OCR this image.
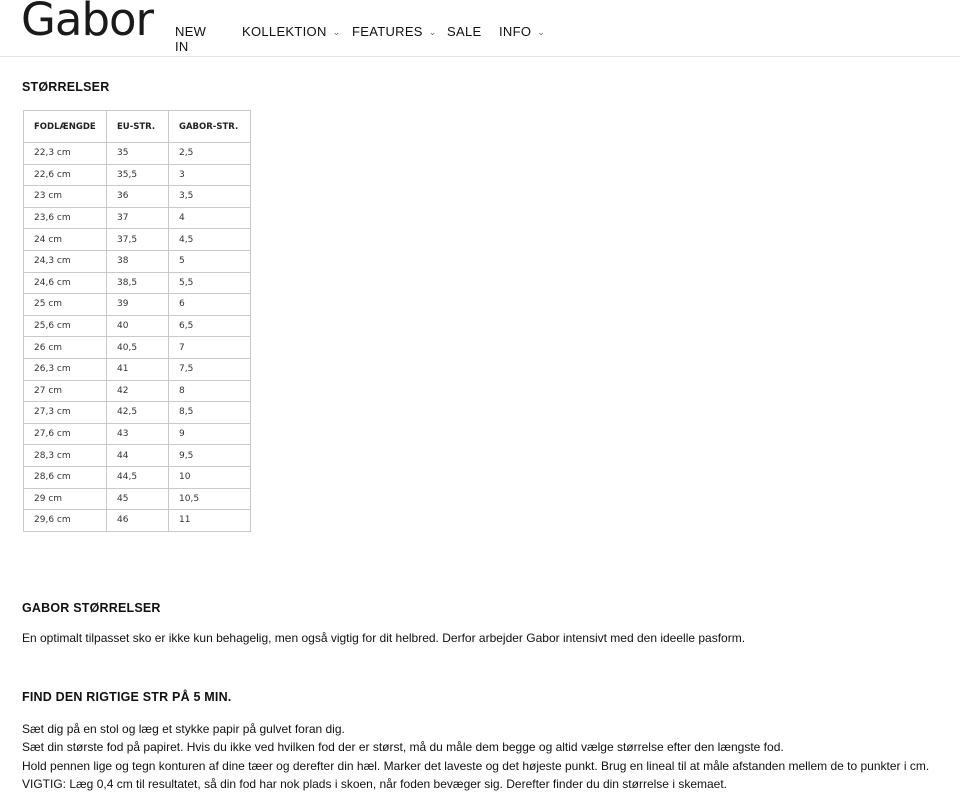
Gabor NEW IN
KOLLEKTION ⌄ FEATURES ⌄ SALE INFO ⌄
STØRRELSER
FODLÆNGDE	EU-STR.	GABOR-STR.
22,3 cm	35	2,5
22,6 cm	35,5	3
23 cm	36	3,5
23,6 cm	37	4
24 cm	37,5	4,5
24,3 cm	38	5
24,6 cm	38,5	5,5
25 cm	39	6
25,6 cm	40	6,5
26 cm	40,5	7
26,3 cm	41	7,5
27 cm	42	8
27,3 cm	42,5	8,5
27,6 cm	43	9
28,3 cm	44	9,5
28,6 cm	44,5	10
29 cm	45	10,5
29,6 cm	46	11
GABOR STØRRELSER

En optimalt tilpasset sko er ikke kun behagelig, men også vigtig for dit helbred. Derfor arbejder Gabor intensivt med den ideelle pasform.

FIND DEN RIGTIGE STR PÅ 5 MIN.
Sæt dig på en stol og læg et stykke papir på gulvet foran dig.
Sæt din største fod på papiret. Hvis du ikke ved hvilken fod der er størst, må du måle dem begge og altid vælge størrelse efter den længste fod.
Hold pennen lige og tegn konturen af dine tæer og derefter din hæl. Marker det laveste og det højeste punkt. Brug en lineal til at måle afstanden mellem de to punkter i cm.
VIGTIG: Læg 0,4 cm til resultatet, så din fod har nok plads i skoen, når foden bevæger sig. Derefter finder du din størrelse i skemaet.
